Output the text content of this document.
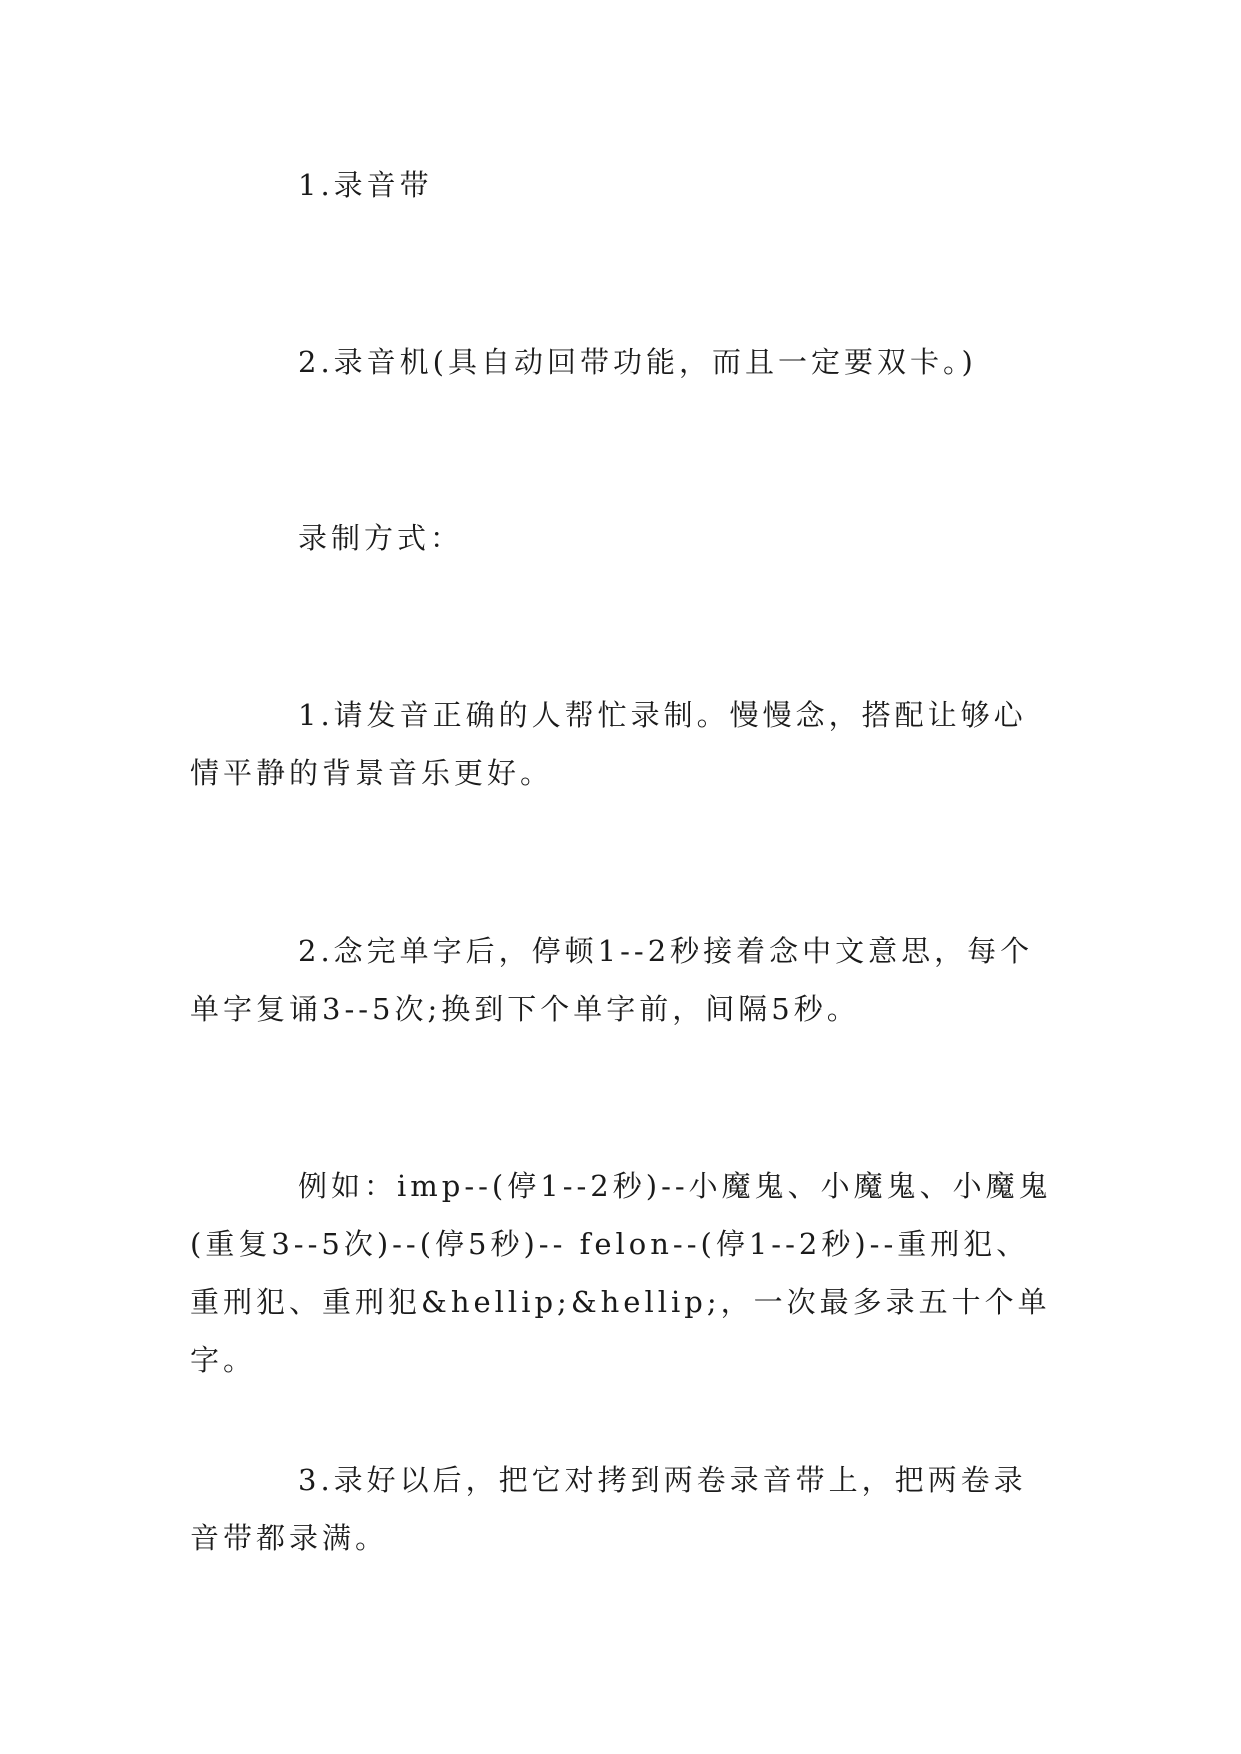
1.录音带

2.录音机(具自动回带功能，而且一定要双卡。)

录制方式：

1.请发音正确的人帮忙录制。慢慢念，搭配让够心情平静的背景音乐更好。

2.念完单字后，停顿1--2秒接着念中文意思，每个单字复诵3--5次;换到下个单字前，间隔5秒。

例如：imp--(停1--2秒)--小魔鬼、小魔鬼、小魔鬼(重复3--5次)--(停5秒)-- felon--(停1--2秒)--重刑犯、重刑犯、重刑犯&hellip;&hellip;，一次最多录五十个单字。

3.录好以后，把它对拷到两卷录音带上，把两卷录音带都录满。
